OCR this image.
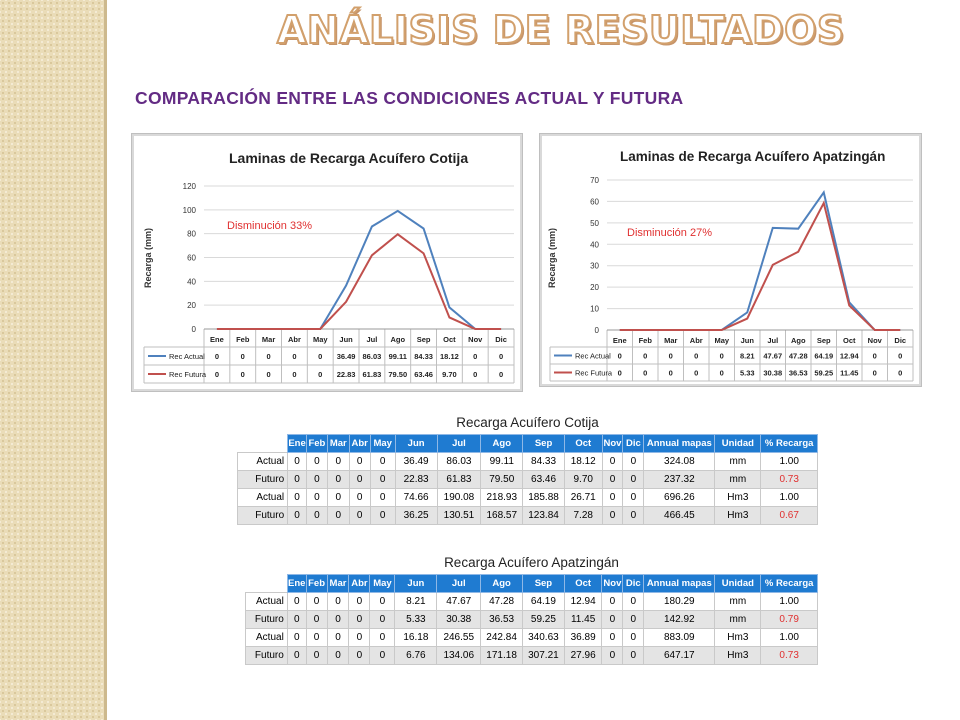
ANÁLISIS DE RESULTADOS
COMPARACIÓN ENTRE LAS CONDICIONES ACTUAL Y FUTURA
Laminas de Recarga Acuífero Cotija
Recarga (mm)
0
20
40
60
80
100
120
Ene Feb Mar Abr May Jun Jul Ago Sep Oct Nov Dic
Rec Actual 0	0	0	0	0 36.49 86.03 99.11 84.33 18.12 0	0
Rec Futura 0	0	0	0	0 22.83 61.83 79.50 63.46 9.70 0	0
Disminución 33%
Laminas de Recarga Acuífero Apatzingán
Recarga (mm)
0
10
20
30
40
50
60
70
Ene Feb Mar Abr May Jun Jul Ago Sep Oct Nov Dic
Rec Actual 0	0	0	0	0 8.21 47.67 47.28 64.19 12.94 0	0
Rec Futura 0	0	0	0	0 5.33 30.38 36.53 59.25 11.45 0	0
Disminución 27%
Recarga Acuífero Cotija															
	Ene	Feb	Mar	Abr	May	Jun	Jul	Ago	Sep	Oct	Nov	Dic	Annual mapas	Unidad	% Recarga
Actual	0	0	0	0	0	36.49	86.03	99.11	84.33	18.12	0	0	324.08	mm	1.00
Futuro	0	0	0	0	0	22.83	61.83	79.50	63.46	9.70	0	0	237.32	mm	0.73
Actual	0	0	0	0	0	74.66	190.08	218.93	185.88	26.71	0	0	696.26	Hm3	1.00
Futuro	0	0	0	0	0	36.25	130.51	168.57	123.84	7.28	0	0	466.45	Hm3	0.67
Recarga Acuífero Apatzingán															
	Ene	Feb	Mar	Abr	May	Jun	Jul	Ago	Sep	Oct	Nov	Dic	Annual mapas	Unidad	% Recarga
Actual	0	0	0	0	0	8.21	47.67	47.28	64.19	12.94	0	0	180.29	mm	1.00
Futuro	0	0	0	0	0	5.33	30.38	36.53	59.25	11.45	0	0	142.92	mm	0.79
Actual	0	0	0	0	0	16.18	246.55	242.84	340.63	36.89	0	0	883.09	Hm3	1.00
Futuro	0	0	0	0	0	6.76	134.06	171.18	307.21	27.96	0	0	647.17	Hm3	0.73
